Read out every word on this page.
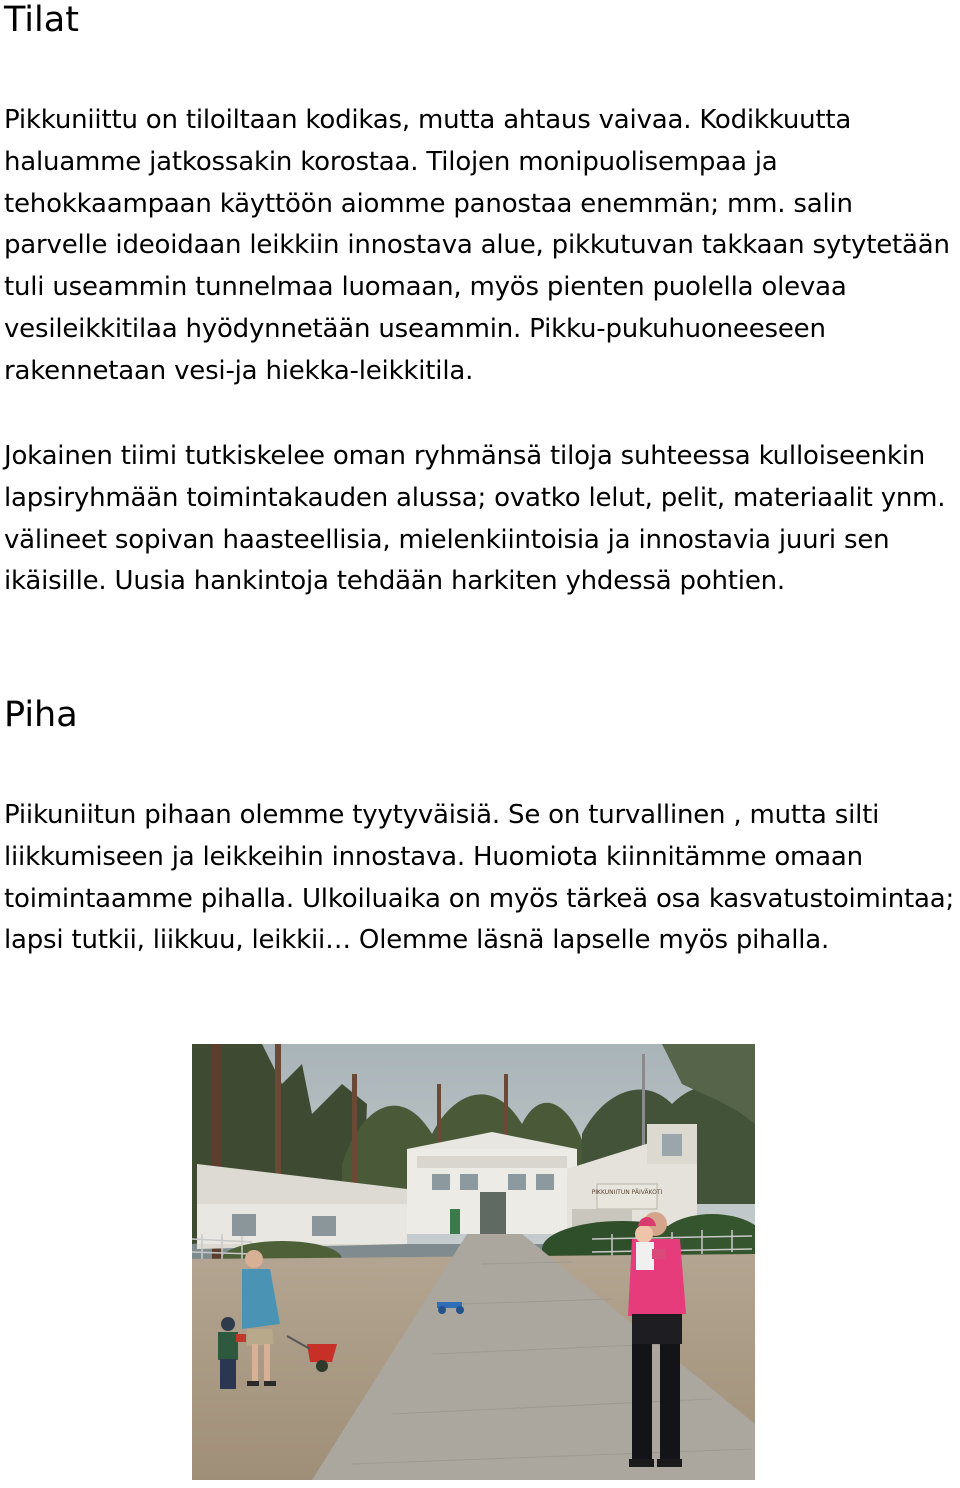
Tilat

Pikkuniittu on tiloiltaan kodikas, mutta ahtaus vaivaa. Kodikkuutta haluamme jatkossakin korostaa. Tilojen monipuolisempaa ja tehokkaampaan käyttöön aiomme panostaa enemmän; mm. salin parvelle ideoidaan leikkiin innostava alue, pikkutuvan takkaan sytytetään tuli useammin tunnelmaa luomaan, myös pienten puolella olevaa vesileikkitilaa hyödynnetään useammin. Pikku-pukuhuoneeseen rakennetaan vesi-ja hiekka-leikkitila.

Jokainen tiimi tutkiskelee oman ryhmänsä tiloja suhteessa kulloiseenkin lapsiryhmään toimintakauden alussa; ovatko lelut, pelit, materiaalit ynm. välineet sopivan haasteellisia, mielenkiintoisia ja innostavia juuri sen ikäisille. Uusia hankintoja tehdään harkiten yhdessä pohtien.

Piha

Piikuniitun pihaan olemme tyytyväisiä. Se on turvallinen , mutta silti liikkumiseen ja leikkeihin innostava. Huomiota kiinnitämme omaan toimintaamme pihalla. Ulkoiluaika on myös tärkeä osa kasvatustoimintaa; lapsi tutkii, liikkuu, leikkii… Olemme läsnä lapselle myös pihalla.

PIKKUNIITUN PÄIVÄKOTI
